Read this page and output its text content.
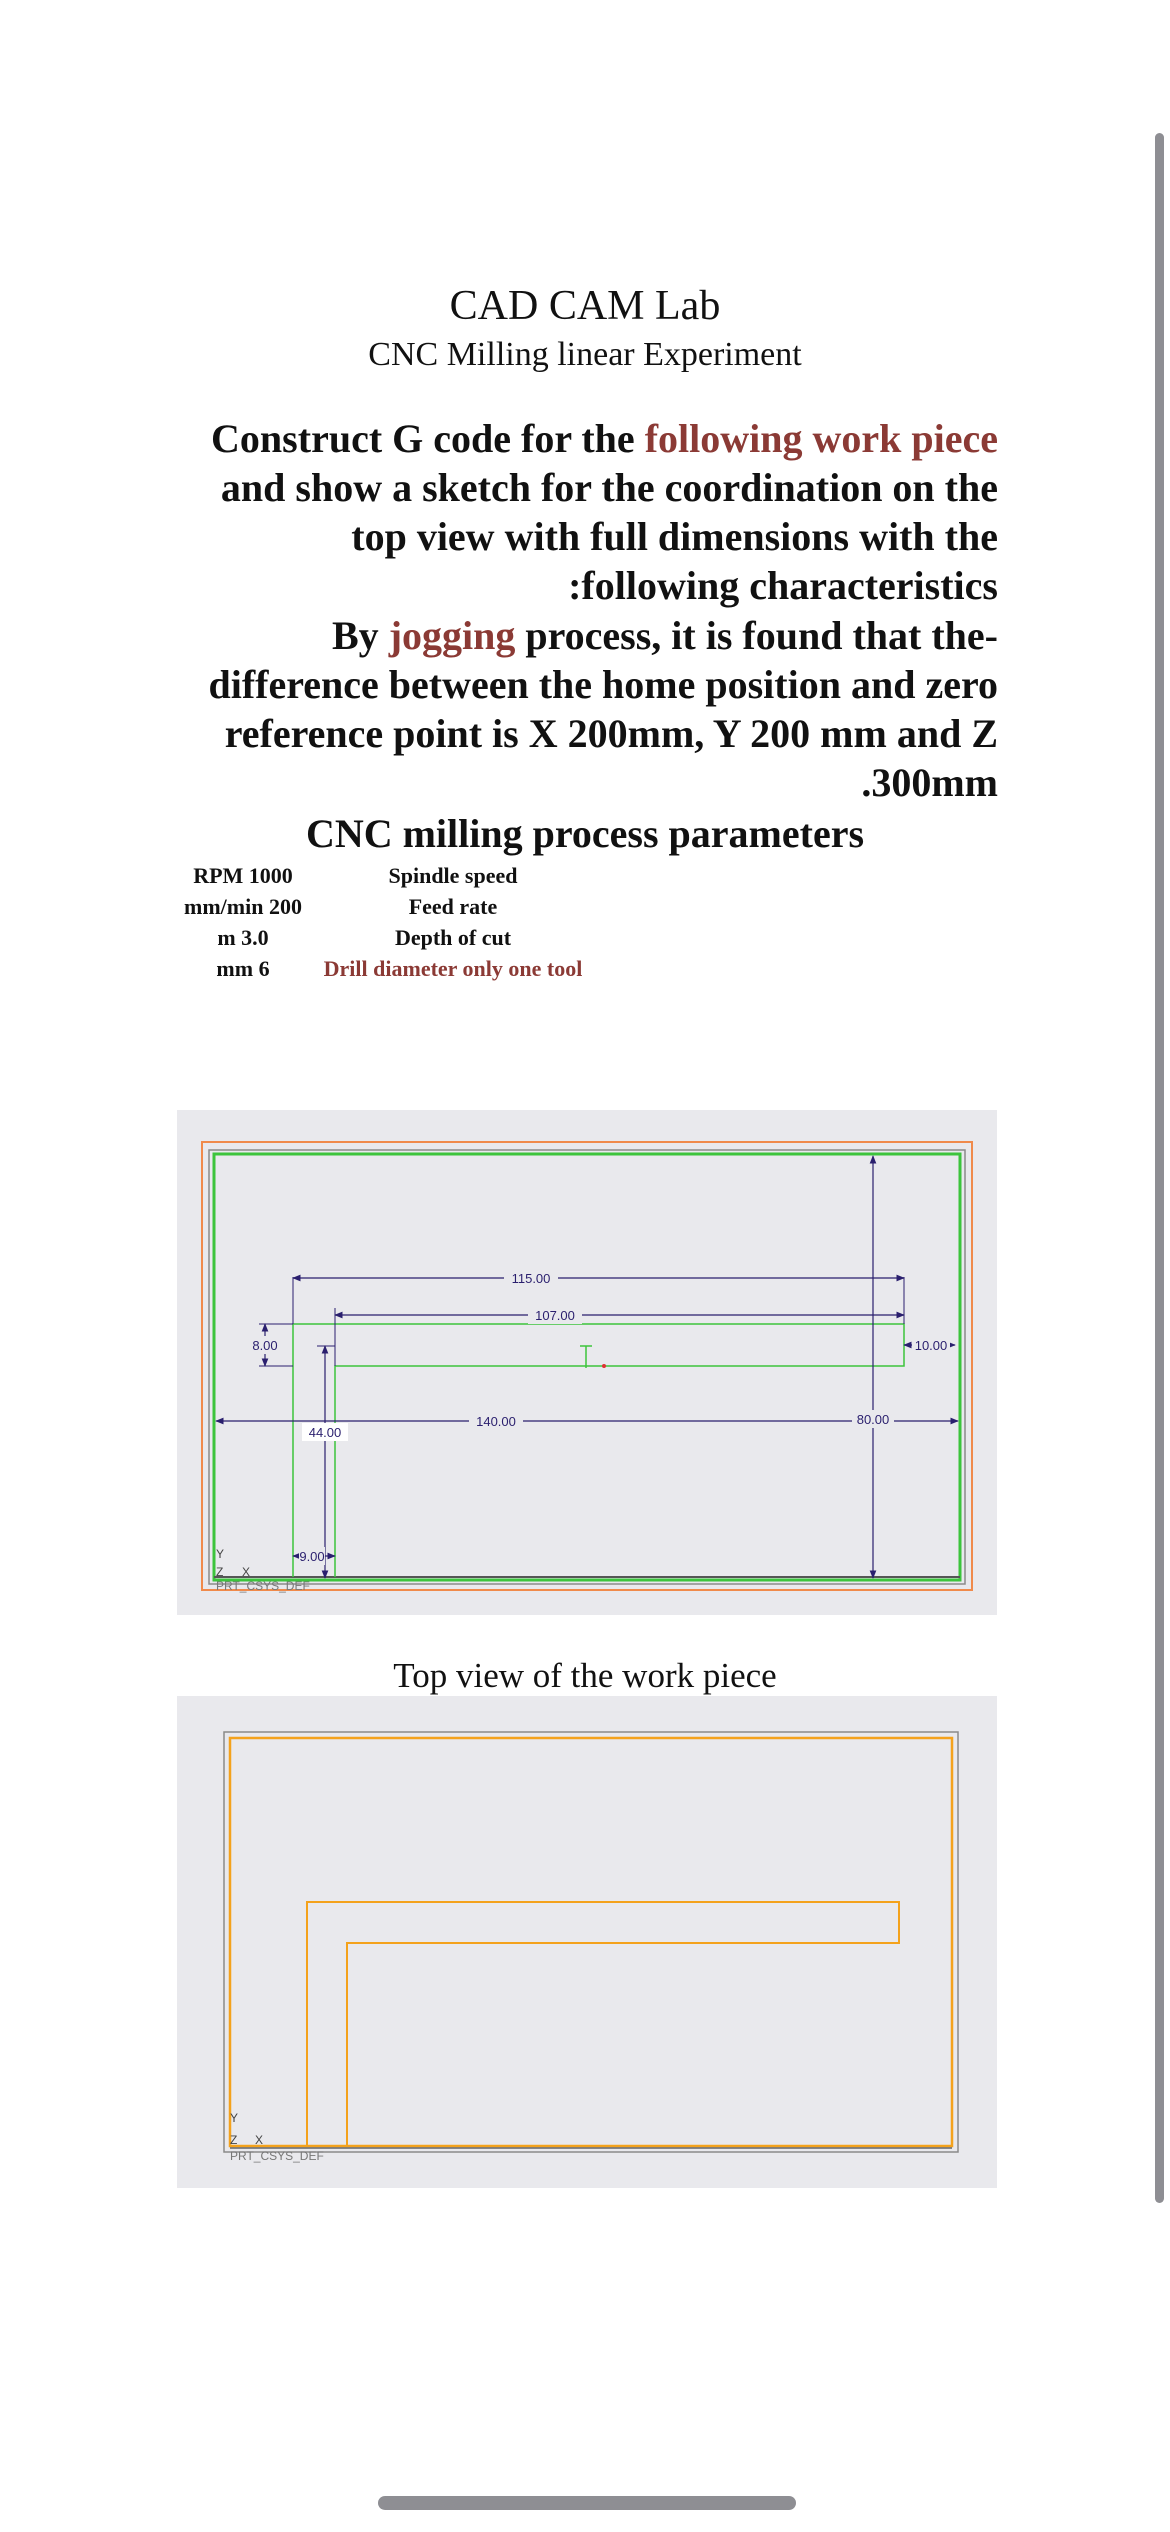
CAD CAM Lab
CNC Milling linear Experiment
Construct G code for the following work piece
and show a sketch for the coordination on the
top view with full dimensions with the
:following characteristics
By jogging process, it is found that the-
difference between the home position and zero
reference point is X 200mm, Y 200 mm and Z
.300mm
CNC milling process parameters
RPM 1000	Spindle speed
mm/min 200	Feed rate
m 3.0	Depth of cut
mm 6	Drill diameter only one tool
115.00
107.00
8.00	10.00
140.00	80.00
44.00
9.00
Y
Z X
PRT_CSYS_DEF
Top view of the work piece
Y
Z X
PRT_CSYS_DEF
